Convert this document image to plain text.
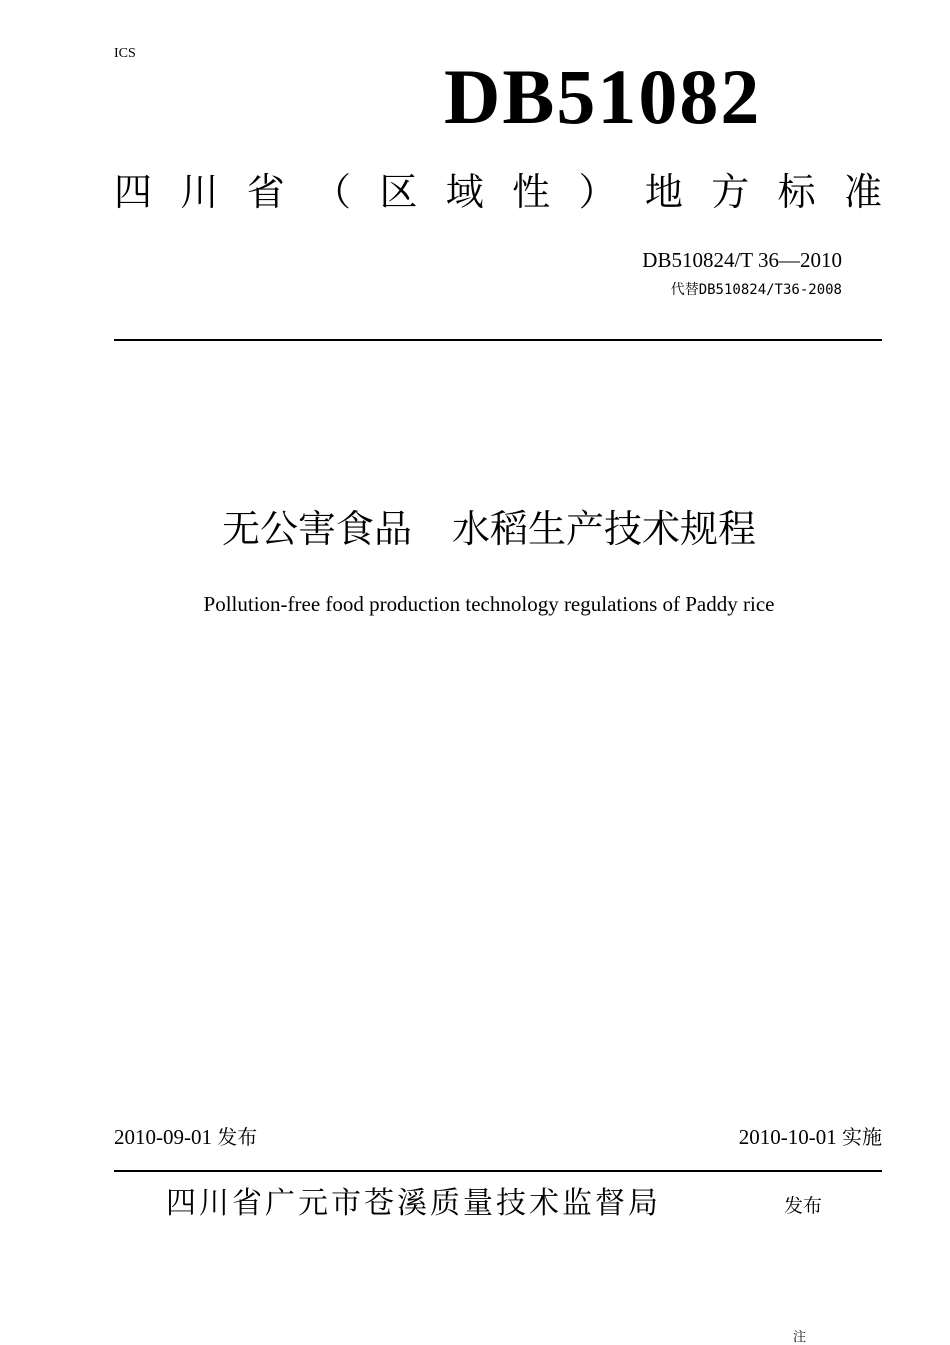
ICS	DB51082
四 川 省 （ 区 域 性 ） 地 方 标 准
DB510824/T 36—2010
代替DB510824/T36-2008
无公害食品 水稻生产技术规程
Pollution-free food production technology regulations of Paddy rice
2010-09-01 发布	2010-10-01 实施
四川省广元市苍溪质量技术监督局	发布
注
